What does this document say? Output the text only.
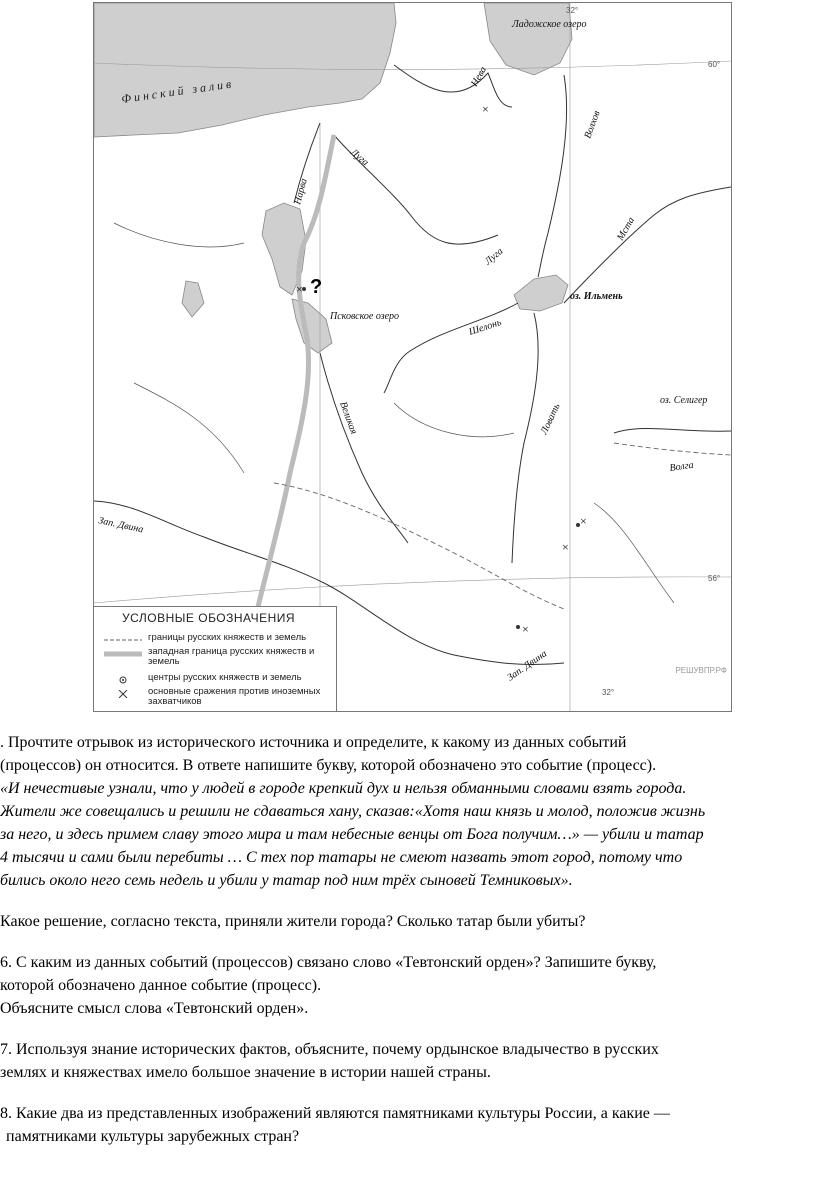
× ?
×
×
×
×
Финский залив
Ладожское озеро
Нева
Волхов
Луга
Луга
Нарва
Мста
оз. Ильмень
Шелонь
Псковское озеро
Великая	Ловать
оз. Селигер
Волга
Зап. Двина
Зап. Двина
32°
32°
60°
56°
УСЛОВНЫЕ ОБОЗНАЧЕНИЯ
границы русских княжеств и земель
западная граница русских княжеств и земель
центры русских княжеств и земель
основные сражения против иноземных захватчиков
РЕШУВПР.РФ
. Прочтите отрывок из исторического источника и определите, к какому из данных событий
(процессов) он относится. В ответе напишите букву, которой обозначено это событие (процесс).
«И нечестивые узнали, что у людей в городе крепкий дух и нельзя обманными словами взять города.
Жители же совещались и решили не сдаваться хану, сказав:«Хотя наш князь и молод, положив жизнь
за него, и здесь примем славу этого мира и там небесные венцы от Бога получим…» — убили и татар
4 тысячи и сами были перебиты … С тех пор татары не смеют назвать этот город, потому что
бились около него семь недель и убили у татар под ним трёх сыновей Темниковых».
Какое решение, согласно текста, приняли жители города? Сколько татар были убиты?
6. С каким из данных событий (процессов) связано слово «Тевтонский орден»? Запишите букву,
которой обозначено данное событие (процесс).
Объясните смысл слова «Тевтонский орден».
7. Используя знание исторических фактов, объясните, почему ордынское владычество в русских
землях и княжествах имело большое значение в истории нашей страны.
8. Какие два из представленных изображений являются памятниками культуры России, а какие —
памятниками культуры зарубежных стран?
